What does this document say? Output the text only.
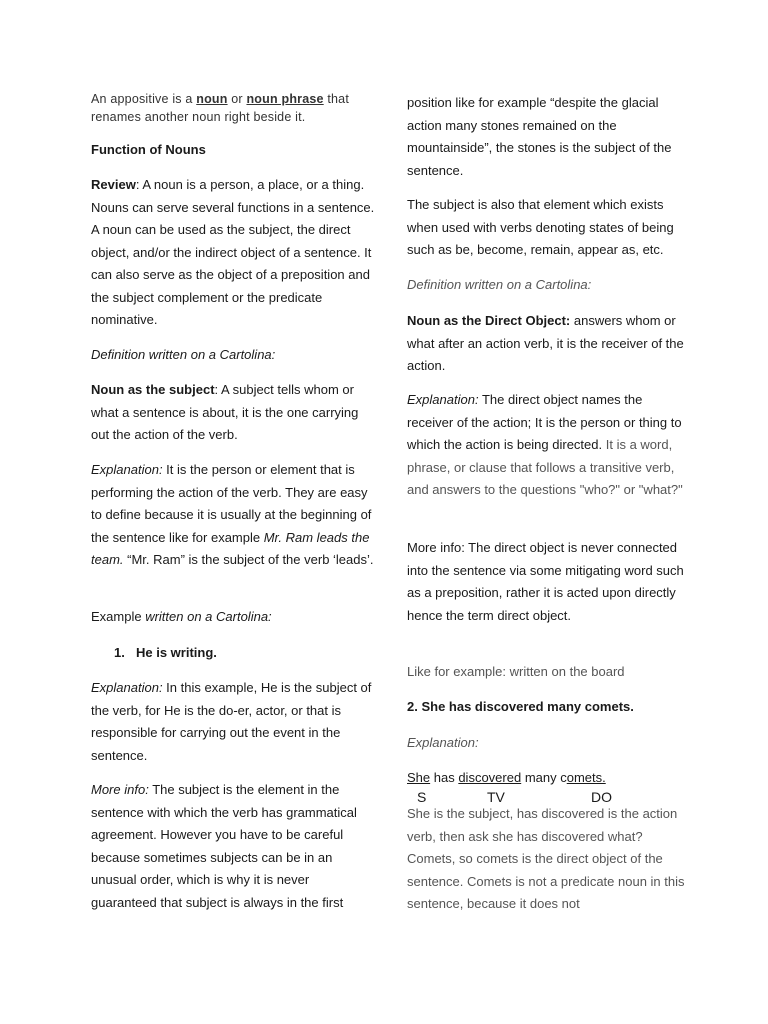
An appositive is a noun or noun phrase that renames another noun right beside it.

Function of Nouns

Review: A noun is a person, a place, or a thing. Nouns can serve several functions in a sentence. A noun can be used as the subject, the direct object, and/or the indirect object of a sentence. It can also serve as the object of a preposition and the subject complement or the predicate nominative.

Definition written on a Cartolina:

Noun as the subject: A subject tells whom or what a sentence is about, it is the one carrying out the action of the verb.

Explanation: It is the person or element that is performing the action of the verb. They are easy to define because it is usually at the beginning of the sentence like for example Mr. Ram leads the team. “Mr. Ram” is the subject of the verb ‘leads’.

Example written on a Cartolina:

1. He is writing.

Explanation: In this example, He is the subject of the verb, for He is the do-er, actor, or that is responsible for carrying out the event in the sentence.

More info: The subject is the element in the sentence with which the verb has grammatical agreement. However you have to be careful because sometimes subjects can be in an unusual order, which is why it is never guaranteed that subject is always in the first

position like for example “despite the glacial action many stones remained on the mountainside”, the stones is the subject of the sentence.

The subject is also that element which exists when used with verbs denoting states of being such as be, become, remain, appear as, etc.

Definition written on a Cartolina:

Noun as the Direct Object: answers whom or what after an action verb, it is the receiver of the action.

Explanation: The direct object names the receiver of the action; It is the person or thing to which the action is being directed. It is a word, phrase, or clause that follows a transitive verb, and answers to the questions "who?" or "what?"

More info: The direct object is never connected into the sentence via some mitigating word such as a preposition, rather it is acted upon directly hence the term direct object.

Like for example: written on the board

2. She has discovered many comets.

Explanation:

She has discovered many comets.

S	TV	DO

She is the subject, has discovered is the action verb, then ask she has discovered what? Comets, so comets is the direct object of the sentence. Comets is not a predicate noun in this sentence, because it does not
